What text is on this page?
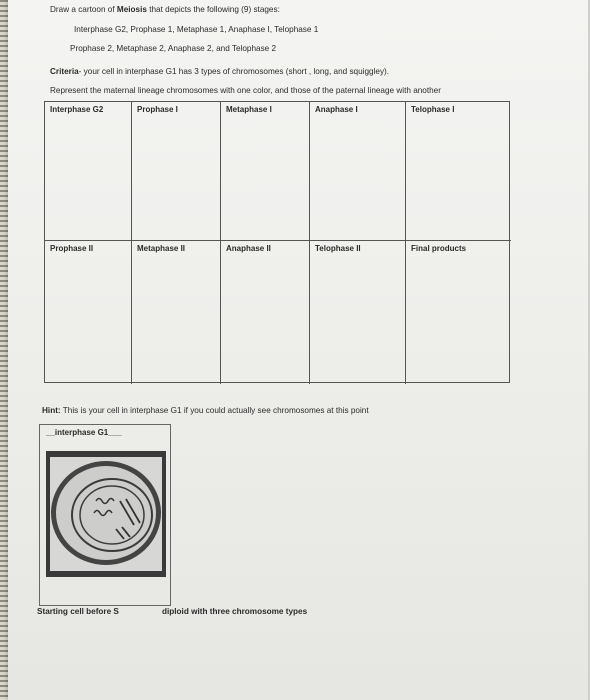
Draw a cartoon of Meiosis that depicts the following (9) stages:
Interphase G2, Prophase 1, Metaphase 1, Anaphase I, Telophase 1
Prophase 2, Metaphase 2, Anaphase 2, and Telophase 2
Criteria- your cell in interphase G1 has 3 types of chromosomes (short , long, and squiggley).
Represent the maternal lineage chromosomes with one color, and those of the paternal lineage with another
Interphase G2	Prophase I	Metaphase I	Anaphase I	Telophase I
Prophase II	Metaphase II	Anaphase II	Telophase II	Final products
Hint: This is your cell in interphase G1 if you could actually see chromosomes at this point
__interphase G1___
Starting cell before S	diploid with three chromosome types
